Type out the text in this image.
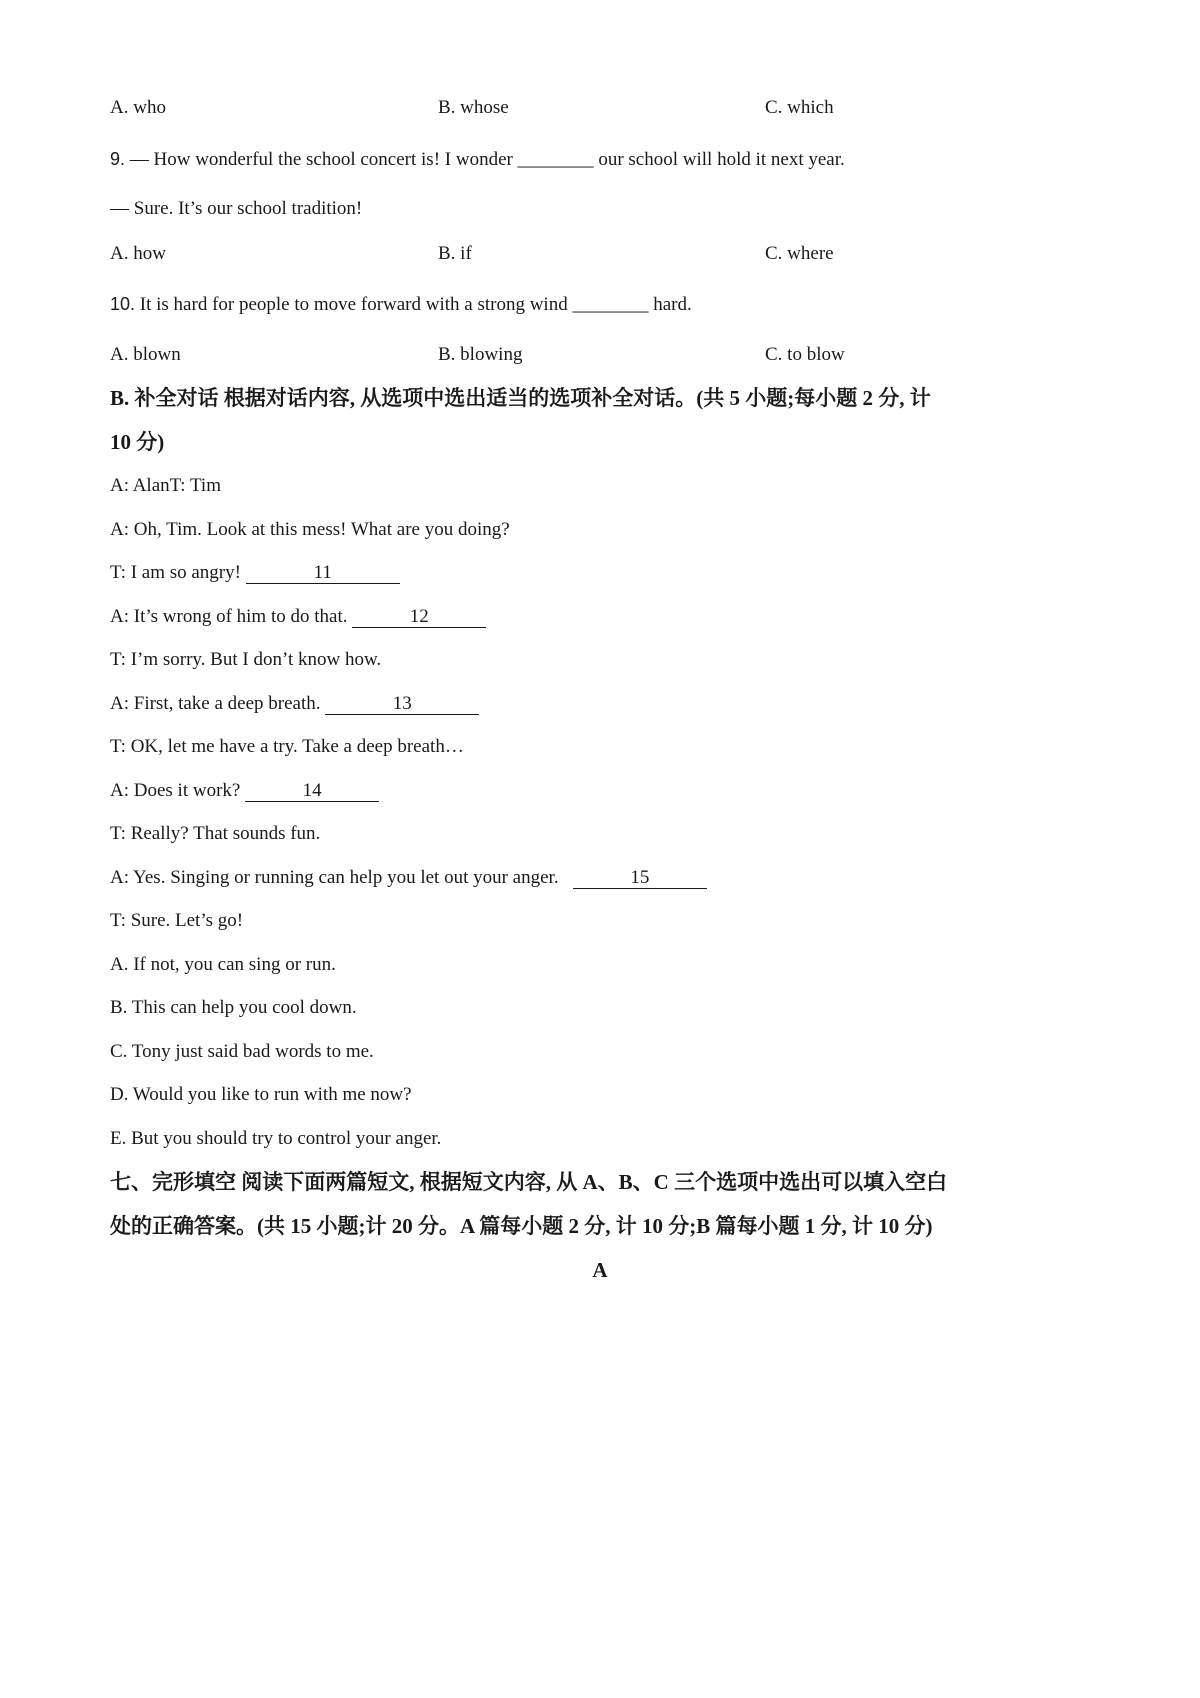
A. who	B. whose	C. which
9. — How wonderful the school concert is! I wonder ________ our school will hold it next year.
— Sure. It’s our school tradition!
A. how	B. if	C. where
10. It is hard for people to move forward with a strong wind ________ hard.
A. blown	B. blowing	C. to blow
B. 补全对话 根据对话内容, 从选项中选出适当的选项补全对话。(共 5 小题;每小题 2 分, 计
10 分)
A: AlanT: Tim
A: Oh, Tim. Look at this mess! What are you doing?
T: I am so angry!	11
A: It’s wrong of him to do that.	12
T: I’m sorry. But I don’t know how.
A: First, take a deep breath.	13
T: OK, let me have a try. Take a deep breath…
A: Does it work?	14
T: Really? That sounds fun.
A: Yes. Singing or running can help you let out your anger.	15
T: Sure. Let’s go!
A. If not, you can sing or run.
B. This can help you cool down.
C. Tony just said bad words to me.
D. Would you like to run with me now?
E. But you should try to control your anger.
七、完形填空 阅读下面两篇短文, 根据短文内容, 从 A、B、C 三个选项中选出可以填入空白
处的正确答案。(共 15 小题;计 20 分。A 篇每小题 2 分, 计 10 分;B 篇每小题 1 分, 计 10 分)
A
